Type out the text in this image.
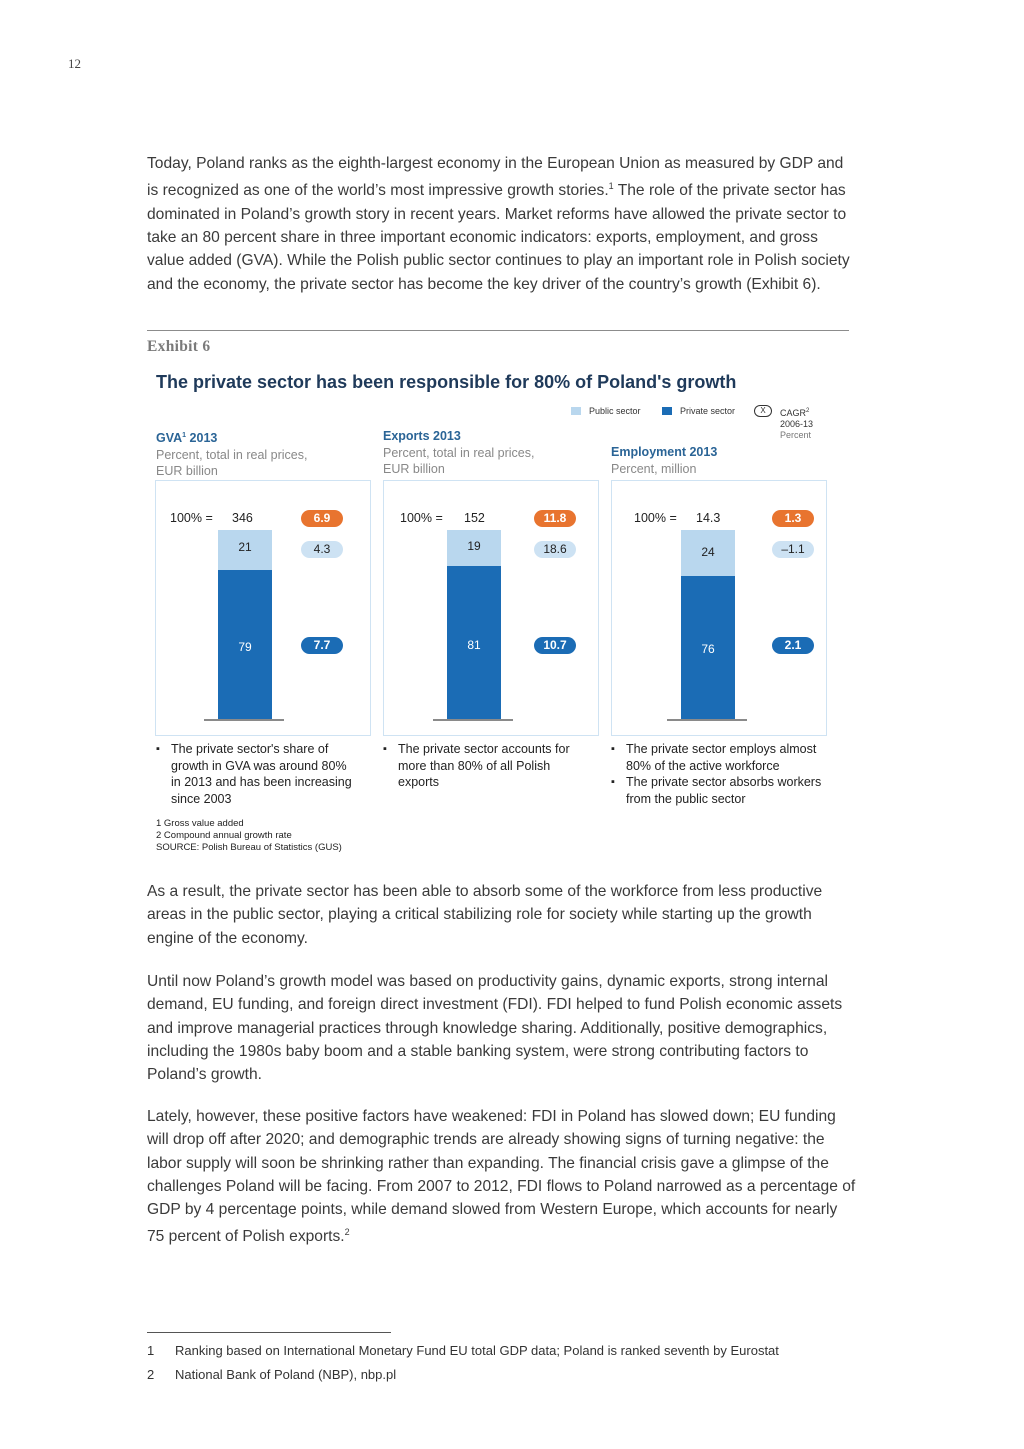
12

Today, Poland ranks as the eighth-largest economy in the European Union as measured by GDP and is recognized as one of the world’s most impressive growth stories.$^1$ The role of the private sector has dominated in Poland’s growth story in recent years. Market reforms have allowed the private sector to take an 80 percent share in three important economic indicators: exports, employment, and gross value added (GVA). While the Polish public sector continues to play an important role in Polish society and the economy, the private sector has become the key driver of the country’s growth (Exhibit 6).

Exhibit 6
The private sector has been responsible for 80% of Poland's growth
Public sector	Private sector	X	CAGR$^2$
2006-13
Percent
GVA$^1$ 2013
Percent, total in real prices,
EUR billion
Exports 2013
Percent, total in real prices,
EUR billion
Employment 2013
Percent, million
100% = 346
21
79
6.9
4.3
7.7
100% = 152
19
81
11.8
18.6
10.7
100% = 14.3
24
76
1.3
–1.1
2.1
▪ The private sector's share of growth in GVA was around 80% in 2013 and has been increasing since 2003
▪ The private sector accounts for more than 80% of all Polish exports
▪ The private sector employs almost 80% of the active workforce
▪ The private sector absorbs workers from the public sector
1 Gross value added
2 Compound annual growth rate
SOURCE: Polish Bureau of Statistics (GUS)

As a result, the private sector has been able to absorb some of the workforce from less productive areas in the public sector, playing a critical stabilizing role for society while starting up the growth engine of the economy.

Until now Poland’s growth model was based on productivity gains, dynamic exports, strong internal demand, EU funding, and foreign direct investment (FDI). FDI helped to fund Polish economic assets and improve managerial practices through knowledge sharing. Additionally, positive demographics, including the 1980s baby boom and a stable banking system, were strong contributing factors to Poland’s growth.

Lately, however, these positive factors have weakened: FDI in Poland has slowed down; EU funding will drop off after 2020; and demographic trends are already showing signs of turning negative: the labor supply will soon be shrinking rather than expanding. The financial crisis gave a glimpse of the challenges Poland will be facing. From 2007 to 2012, FDI flows to Poland narrowed as a percentage of GDP by 4 percentage points, while demand slowed from Western Europe, which accounts for nearly 75 percent of Polish exports.$^2$

1 Ranking based on International Monetary Fund EU total GDP data; Poland is ranked seventh by Eurostat
2 National Bank of Poland (NBP), nbp.pl
